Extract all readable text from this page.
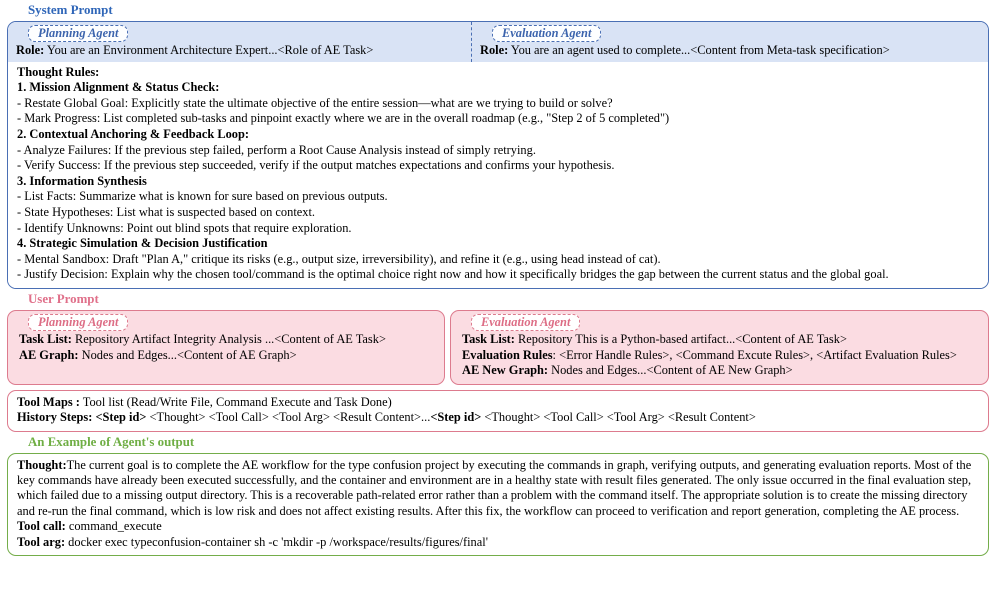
System Prompt
Planning Agent
Role: You are an Environment Architecture Expert...<Role of AE Task>
Evaluation Agent
Role: You are an agent used to complete...<Content from Meta-task specification>
Thought Rules:
1. Mission Alignment & Status Check:
- Restate Global Goal: Explicitly state the ultimate objective of the entire session—what are we trying to build or solve?
- Mark Progress: List completed sub-tasks and pinpoint exactly where we are in the overall roadmap (e.g., "Step 2 of 5 completed")
2. Contextual Anchoring & Feedback Loop:
- Analyze Failures: If the previous step failed, perform a Root Cause Analysis instead of simply retrying.
- Verify Success: If the previous step succeeded, verify if the output matches expectations and confirms your hypothesis.
3. Information Synthesis
- List Facts: Summarize what is known for sure based on previous outputs.
- State Hypotheses: List what is suspected based on context.
- Identify Unknowns: Point out blind spots that require exploration.
4. Strategic Simulation & Decision Justification
- Mental Sandbox: Draft "Plan A," critique its risks (e.g., output size, irreversibility), and refine it (e.g., using head instead of cat).
- Justify Decision: Explain why the chosen tool/command is the optimal choice right now and how it specifically bridges the gap between the current status and the global goal.
User Prompt
Planning Agent
Task List: Repository Artifact Integrity Analysis ...<Content of AE Task>
AE Graph: Nodes and Edges...<Content of AE Graph>
Evaluation Agent
Task List: Repository This is a Python-based artifact...<Content of AE Task>
Evaluation Rules: <Error Handle Rules>, <Command Excute Rules>, <Artifact Evaluation Rules>
AE New Graph: Nodes and Edges...<Content of AE New Graph>
Tool Maps : Tool list (Read/Write File, Command Execute and Task Done)
History Steps: <Step id> <Thought> <Tool Call> <Tool Arg> <Result Content>...<Step id> <Thought> <Tool Call> <Tool Arg> <Result Content>
An Example of Agent's output
Thought:The current goal is to complete the AE workflow for the type confusion project by executing the commands in graph, verifying outputs, and generating evaluation reports. Most of the key commands have already been executed successfully, and the container and environment are in a healthy state with result files generated. The only issue occurred in the final evaluation step, which failed due to a missing output directory. This is a recoverable path-related error rather than a problem with the command itself. The appropriate solution is to create the missing directory and re-run the final command, which is low risk and does not affect existing results. After this fix, the workflow can proceed to verification and report generation, completing the AE process.
Tool call: command_execute
Tool arg: docker exec typeconfusion-container sh -c 'mkdir -p /workspace/results/figures/final'
